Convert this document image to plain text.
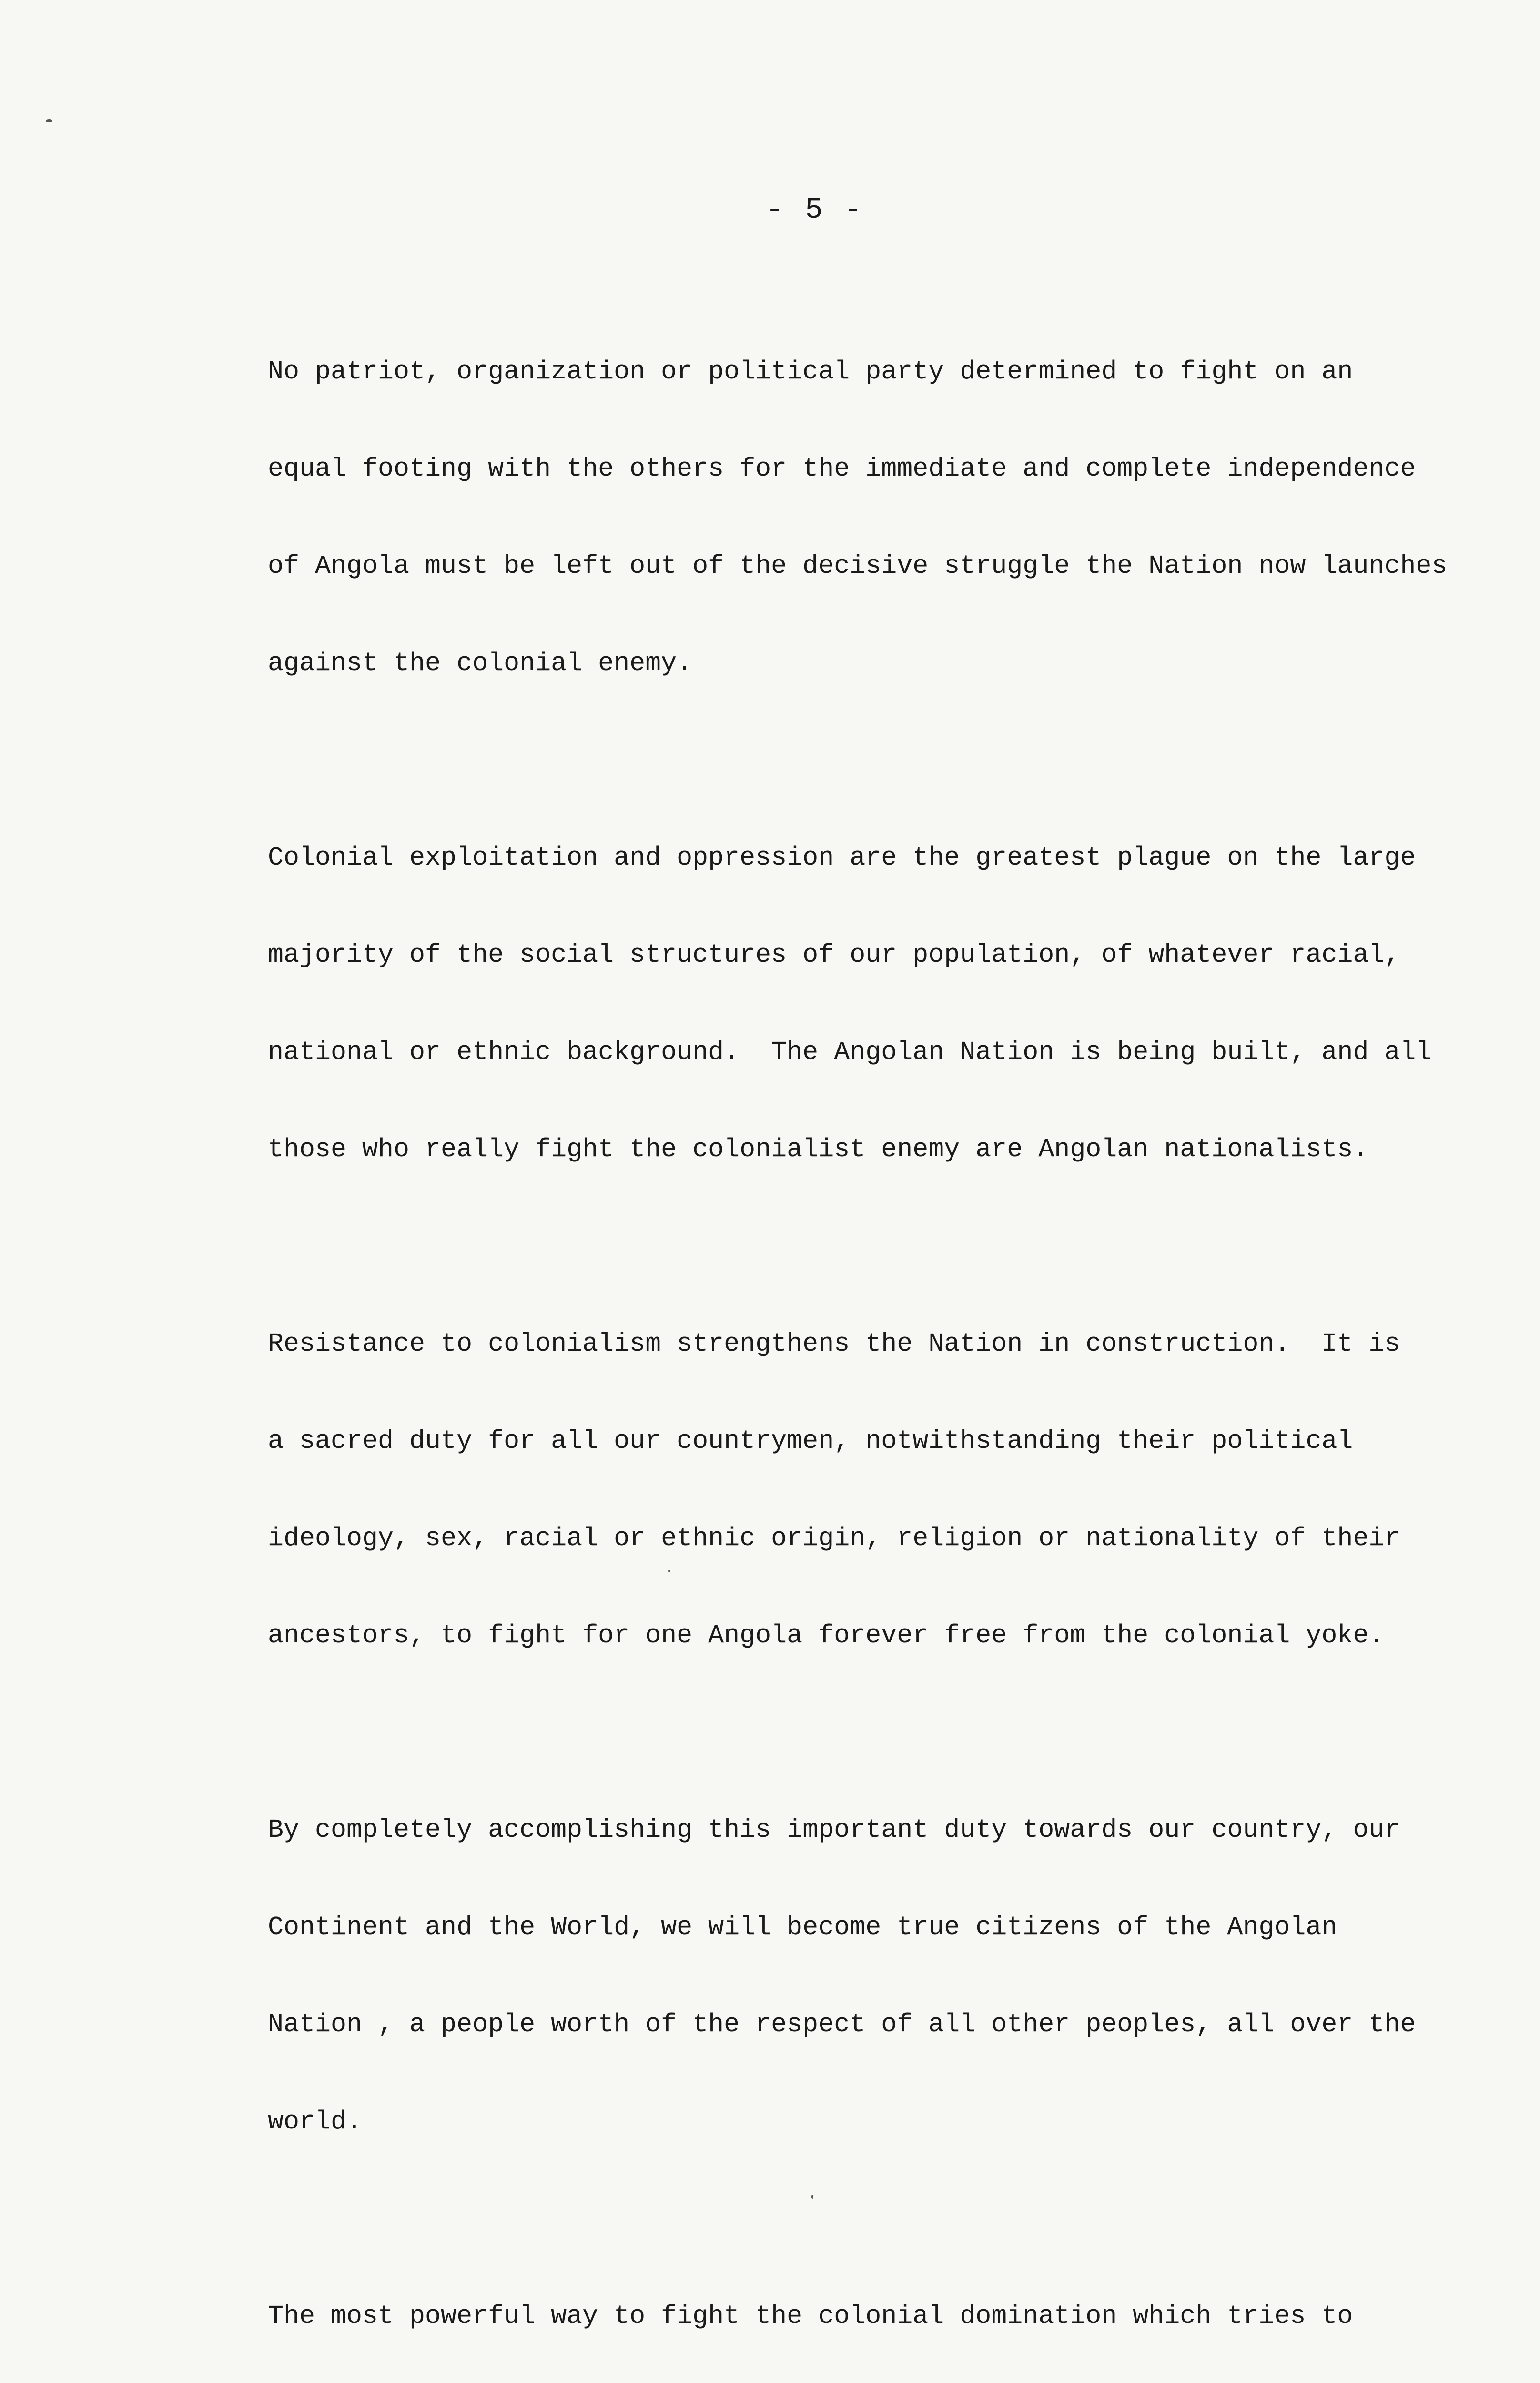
- 5 -

No patriot, organization or political party determined to fight on an

equal footing with the others for the immediate and complete independence

of Angola must be left out of the decisive struggle the Nation now launches

against the colonial enemy.

Colonial exploitation and oppression are the greatest plague on the large

majority of the social structures of our population, of whatever racial,

national or ethnic background.  The Angolan Nation is being built, and all

those who really fight the colonialist enemy are Angolan nationalists.

Resistance to colonialism strengthens the Nation in construction.  It is

a sacred duty for all our countrymen, notwithstanding their political

ideology, sex, racial or ethnic origin, religion or nationality of their

ancestors, to fight for one Angola forever free from the colonial yoke.

By completely accomplishing this important duty towards our country, our

Continent and the World, we will become true citizens of the Angolan

Nation , a people worth of the respect of all other peoples, all over the

world.

The most powerful way to fight the colonial domination which tries to
